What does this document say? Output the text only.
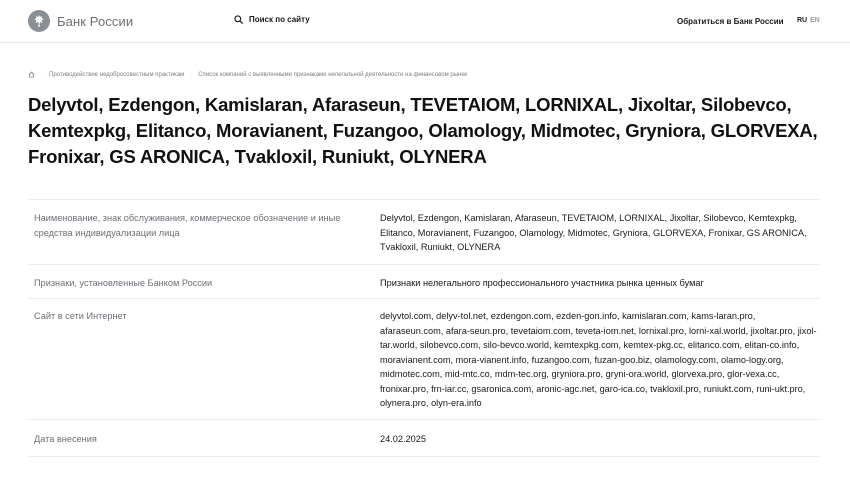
Банк России	Поиск по сайту	Обратиться в Банк России RU EN
· Противодействие недобросовестным практикам · Список компаний с выявленными признаками нелегальной деятельности на финансовом рынке
Delyvtol, Ezdengon, Kamislaran, Afaraseun, TEVETAIOM, LORNIXAL, Jixoltar, Silobevco, Kemtexpkg, Elitanco, Moravianent, Fuzangoo, Olamology, Midmotec, Gryniora, GLORVEXA, Fronixar, GS ARONICA, Tvakloxil, Runiukt, OLYNERA
Наименование, знак обслуживания, коммерческое обозначение и иные средства индивидуализации лица	Delyvtol, Ezdengon, Kamislaran, Afaraseun, TEVETAIOM, LORNIXAL, Jixoltar, Silobevco, Kemtexpkg, Elitanco, Moravianent, Fuzangoo, Olamology, Midmotec, Gryniora, GLORVEXA, Fronixar, GS ARONICA, Tvakloxil, Runiukt, OLYNERA
Признаки, установленные Банком России	Признаки нелегального профессионального участника рынка ценных бумаг
Сайт в сети Интернет	delyvtol.com, delyv-tol.net, ezdengon.com, ezden-gon.info, kamislaran.com, kams-laran.pro, afaraseun.com, afara-seun.pro, tevetaiom.com, teveta-iom.net, lornixal.pro, lorni-xal.world, jixoltar.pro, jixol-tar.world, silobevco.com, silo-bevco.world, kemtexpkg.com, kemtex-pkg.cc, elitanco.com, elitan-co.info, moravianent.com, mora-vianent.info, fuzangoo.com, fuzan-goo.biz, olamology.com, olamo-logy.org, midmotec.com, mid-mtc.co, mdm-tec.org, gryniora.pro, gryni-ora.world, glorvexa.pro, glor-vexa.cc, fronixar.pro, frn-iar.cc, gsaronica.com, aronic-agc.net, garo-ica.co, tvakloxil.pro, runiukt.com, runi-ukt.pro, olynera.pro, olyn-era.info
Дата внесения	24.02.2025
